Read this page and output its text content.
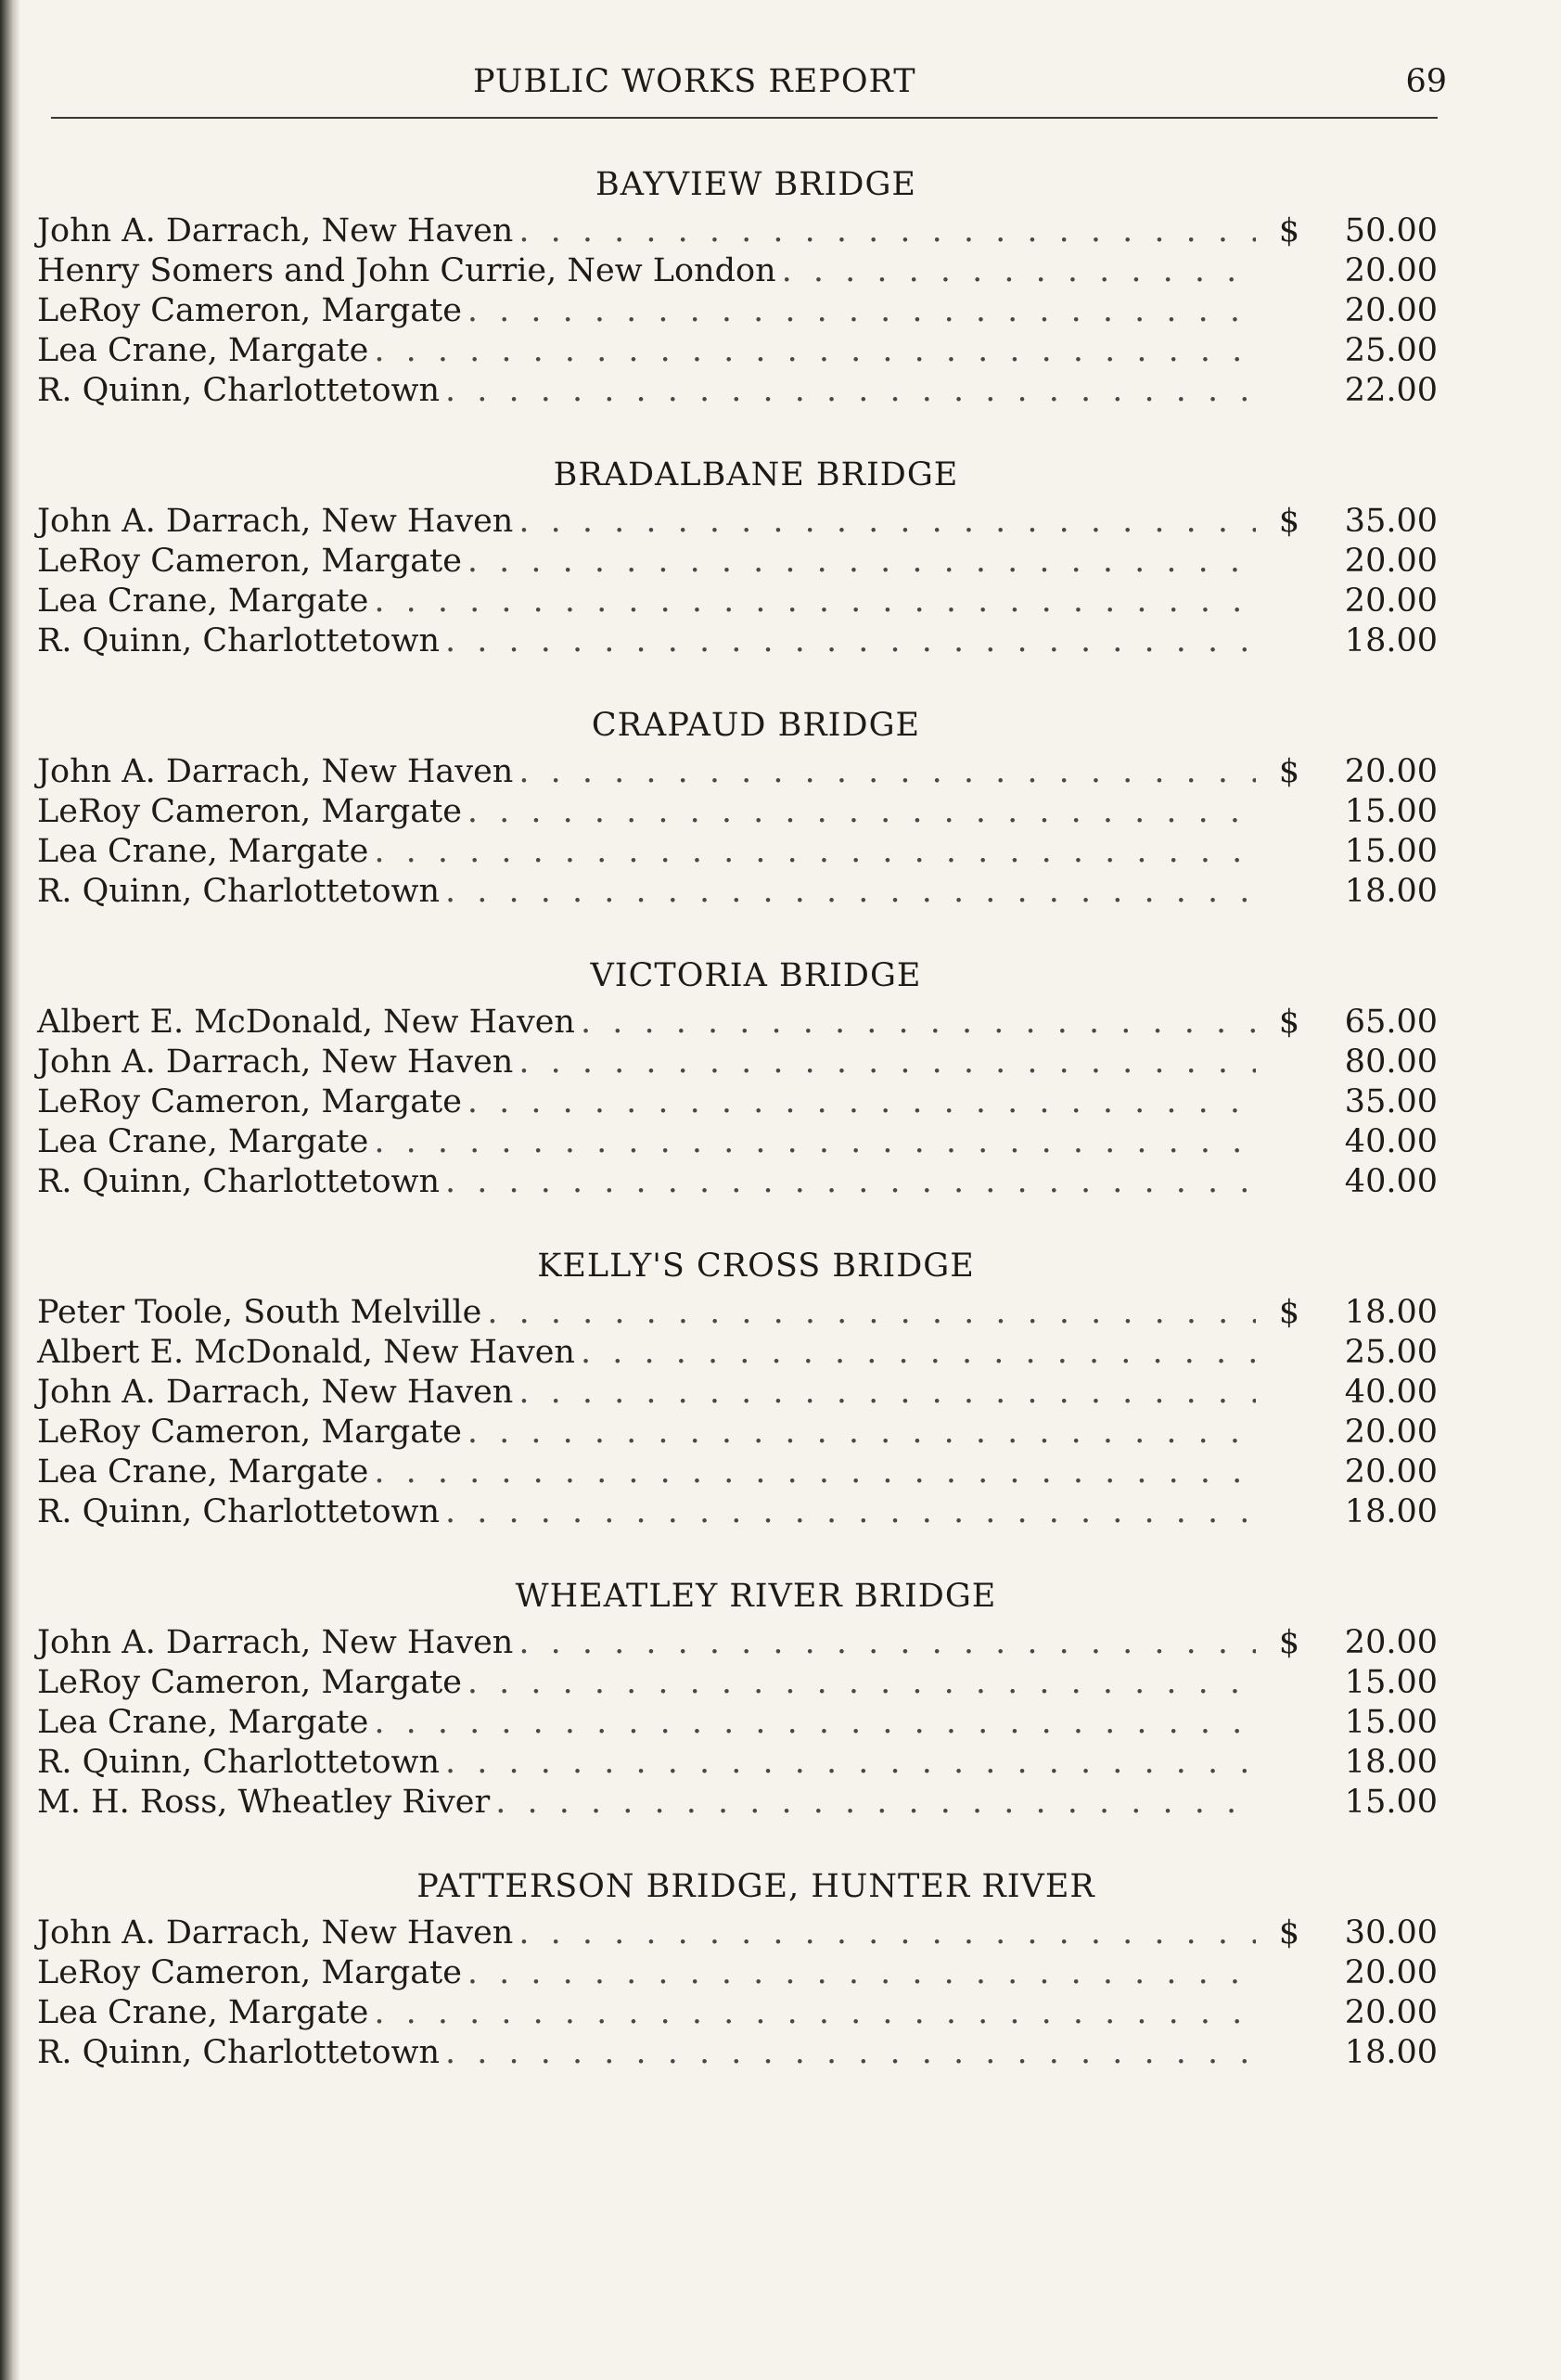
PUBLIC WORKS REPORT	69
BAYVIEW BRIDGE
John A. Darrach, New Haven . . .	$	50.00
Henry Somers and John Currie, New London . . .	20.00
LeRoy Cameron, Margate . . .	20.00
Lea Crane, Margate . . .	25.00
R. Quinn, Charlottetown . . .	22.00
BRADALBANE BRIDGE
John A. Darrach, New Haven . . .	$	35.00
LeRoy Cameron, Margate . . .	20.00
Lea Crane, Margate . . .	20.00
R. Quinn, Charlottetown . . .	18.00
CRAPAUD BRIDGE
John A. Darrach, New Haven . . .	$	20.00
LeRoy Cameron, Margate . . .	15.00
Lea Crane, Margate . . .	15.00
R. Quinn, Charlottetown . . .	18.00
VICTORIA BRIDGE
Albert E. McDonald, New Haven . . .	$	65.00
John A. Darrach, New Haven . . .	80.00
LeRoy Cameron, Margate . . .	35.00
Lea Crane, Margate . . .	40.00
R. Quinn, Charlottetown . . .	40.00
KELLY'S CROSS BRIDGE
Peter Toole, South Melville . . .	$	18.00
Albert E. McDonald, New Haven . . .	25.00
John A. Darrach, New Haven . . .	40.00
LeRoy Cameron, Margate . . .	20.00
Lea Crane, Margate . . .	20.00
R. Quinn, Charlottetown . . .	18.00
WHEATLEY RIVER BRIDGE
John A. Darrach, New Haven . . .	$	20.00
LeRoy Cameron, Margate . . .	15.00
Lea Crane, Margate . . .	15.00
R. Quinn, Charlottetown . . .	18.00
M. H. Ross, Wheatley River . . .	15.00
PATTERSON BRIDGE, HUNTER RIVER
John A. Darrach, New Haven . . .	$	30.00
LeRoy Cameron, Margate . . .	20.00
Lea Crane, Margate . . .	20.00
R. Quinn, Charlottetown . . .	18.00
